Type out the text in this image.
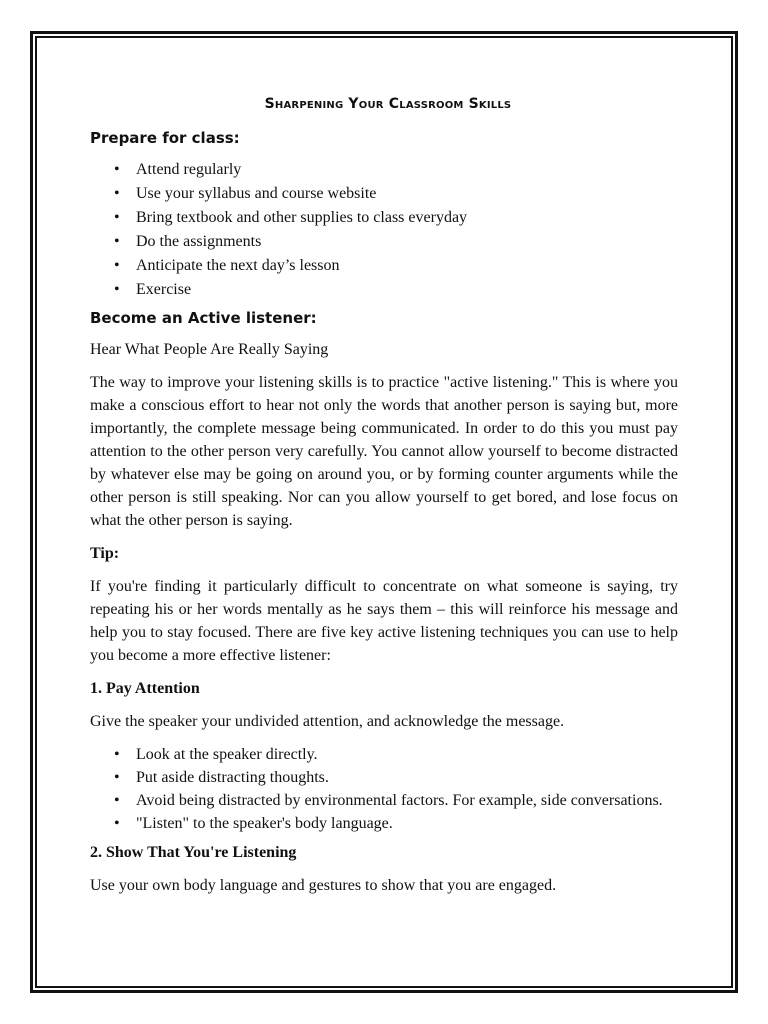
Sharpening Your Classroom Skills
Prepare for class:
• Attend regularly
• Use your syllabus and course website
• Bring textbook and other supplies to class everyday
• Do the assignments
• Anticipate the next day’s lesson
• Exercise
Become an Active listener:

Hear What People Are Really Saying

The way to improve your listening skills is to practice "active listening." This is where you make a conscious effort to hear not only the words that another person is saying but, more importantly, the complete message being communicated. In order to do this you must pay attention to the other person very carefully. You cannot allow yourself to become distracted by whatever else may be going on around you, or by forming counter arguments while the other person is still speaking. Nor can you allow yourself to get bored, and lose focus on what the other person is saying.

Tip:

If you're finding it particularly difficult to concentrate on what someone is saying, try repeating his or her words mentally as he says them – this will reinforce his message and help you to stay focused. There are five key active listening techniques you can use to help you become a more effective listener:

1. Pay Attention

Give the speaker your undivided attention, and acknowledge the message.

• Look at the speaker directly.
• Put aside distracting thoughts.
• Avoid being distracted by environmental factors. For example, side conversations.
• "Listen" to the speaker's body language.
2. Show That You're Listening

Use your own body language and gestures to show that you are engaged.
